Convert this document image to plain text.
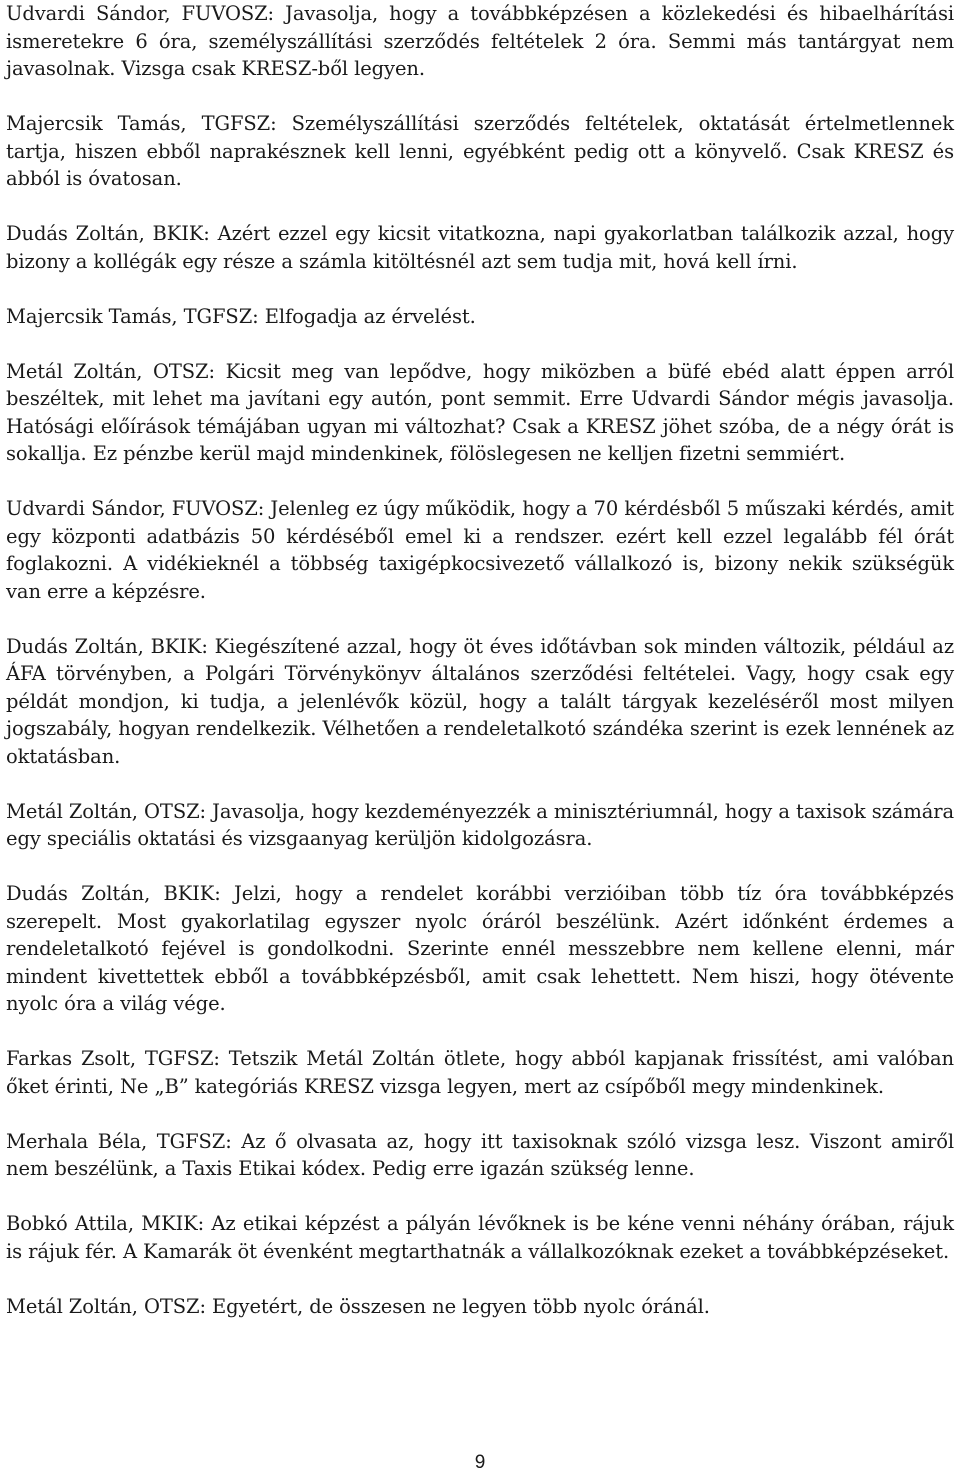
Udvardi Sándor, FUVOSZ: Javasolja, hogy a továbbképzésen a közlekedési és hibaelhárítási ismeretekre 6 óra, személyszállítási szerződés feltételek 2 óra. Semmi más tantárgyat nem javasolnak. Vizsga csak KRESZ-ből legyen.

Majercsik Tamás, TGFSZ: Személyszállítási szerződés feltételek, oktatását értelmetlennek tartja, hiszen ebből naprakésznek kell lenni, egyébként pedig ott a könyvelő. Csak KRESZ és abból is óvatosan.

Dudás Zoltán, BKIK: Azért ezzel egy kicsit vitatkozna, napi gyakorlatban találkozik azzal, hogy bizony a kollégák egy része a számla kitöltésnél azt sem tudja mit, hová kell írni.

Majercsik Tamás, TGFSZ: Elfogadja az érvelést.

Metál Zoltán, OTSZ: Kicsit meg van lepődve, hogy miközben a büfé ebéd alatt éppen arról beszéltek, mit lehet ma javítani egy autón, pont semmit. Erre Udvardi Sándor mégis javasolja. Hatósági előírások témájában ugyan mi változhat? Csak a KRESZ jöhet szóba, de a négy órát is sokallja. Ez pénzbe kerül majd mindenkinek, fölöslegesen ne kelljen fizetni semmiért.

Udvardi Sándor, FUVOSZ: Jelenleg ez úgy működik, hogy a 70 kérdésből 5 műszaki kérdés, amit egy központi adatbázis 50 kérdéséből emel ki a rendszer. ezért kell ezzel legalább fél órát foglakozni. A vidékieknél a többség taxigépkocsivezető vállalkozó is, bizony nekik szükségük van erre a képzésre.

Dudás Zoltán, BKIK: Kiegészítené azzal, hogy öt éves időtávban sok minden változik, például az ÁFA törvényben, a Polgári Törvénykönyv általános szerződési feltételei. Vagy, hogy csak egy példát mondjon, ki tudja, a jelenlévők közül, hogy a talált tárgyak kezeléséről most milyen jogszabály, hogyan rendelkezik. Vélhetően a rendeletalkotó szándéka szerint is ezek lennének az oktatásban.

Metál Zoltán, OTSZ: Javasolja, hogy kezdeményezzék a minisztériumnál, hogy a taxisok számára egy speciális oktatási és vizsgaanyag kerüljön kidolgozásra.

Dudás Zoltán, BKIK: Jelzi, hogy a rendelet korábbi verzióiban több tíz óra továbbképzés szerepelt. Most gyakorlatilag egyszer nyolc óráról beszélünk. Azért időnként érdemes a rendeletalkotó fejével is gondolkodni. Szerinte ennél messzebbre nem kellene elenni, már mindent kivettettek ebből a továbbképzésből, amit csak lehettett. Nem hiszi, hogy ötévente nyolc óra a világ vége.

Farkas Zsolt, TGFSZ: Tetszik Metál Zoltán ötlete, hogy abból kapjanak frissítést, ami valóban őket érinti, Ne „B” kategóriás KRESZ vizsga legyen, mert az csípőből megy mindenkinek.

Merhala Béla, TGFSZ: Az ő olvasata az, hogy itt taxisoknak szóló vizsga lesz. Viszont amiről nem beszélünk, a Taxis Etikai kódex. Pedig erre igazán szükség lenne.

Bobkó Attila, MKIK: Az etikai képzést a pályán lévőknek is be kéne venni néhány órában, rájuk is rájuk fér. A Kamarák öt évenként megtarthatnák a vállalkozóknak ezeket a továbbképzéseket.

Metál Zoltán, OTSZ: Egyetért, de összesen ne legyen több nyolc óránál.

9
